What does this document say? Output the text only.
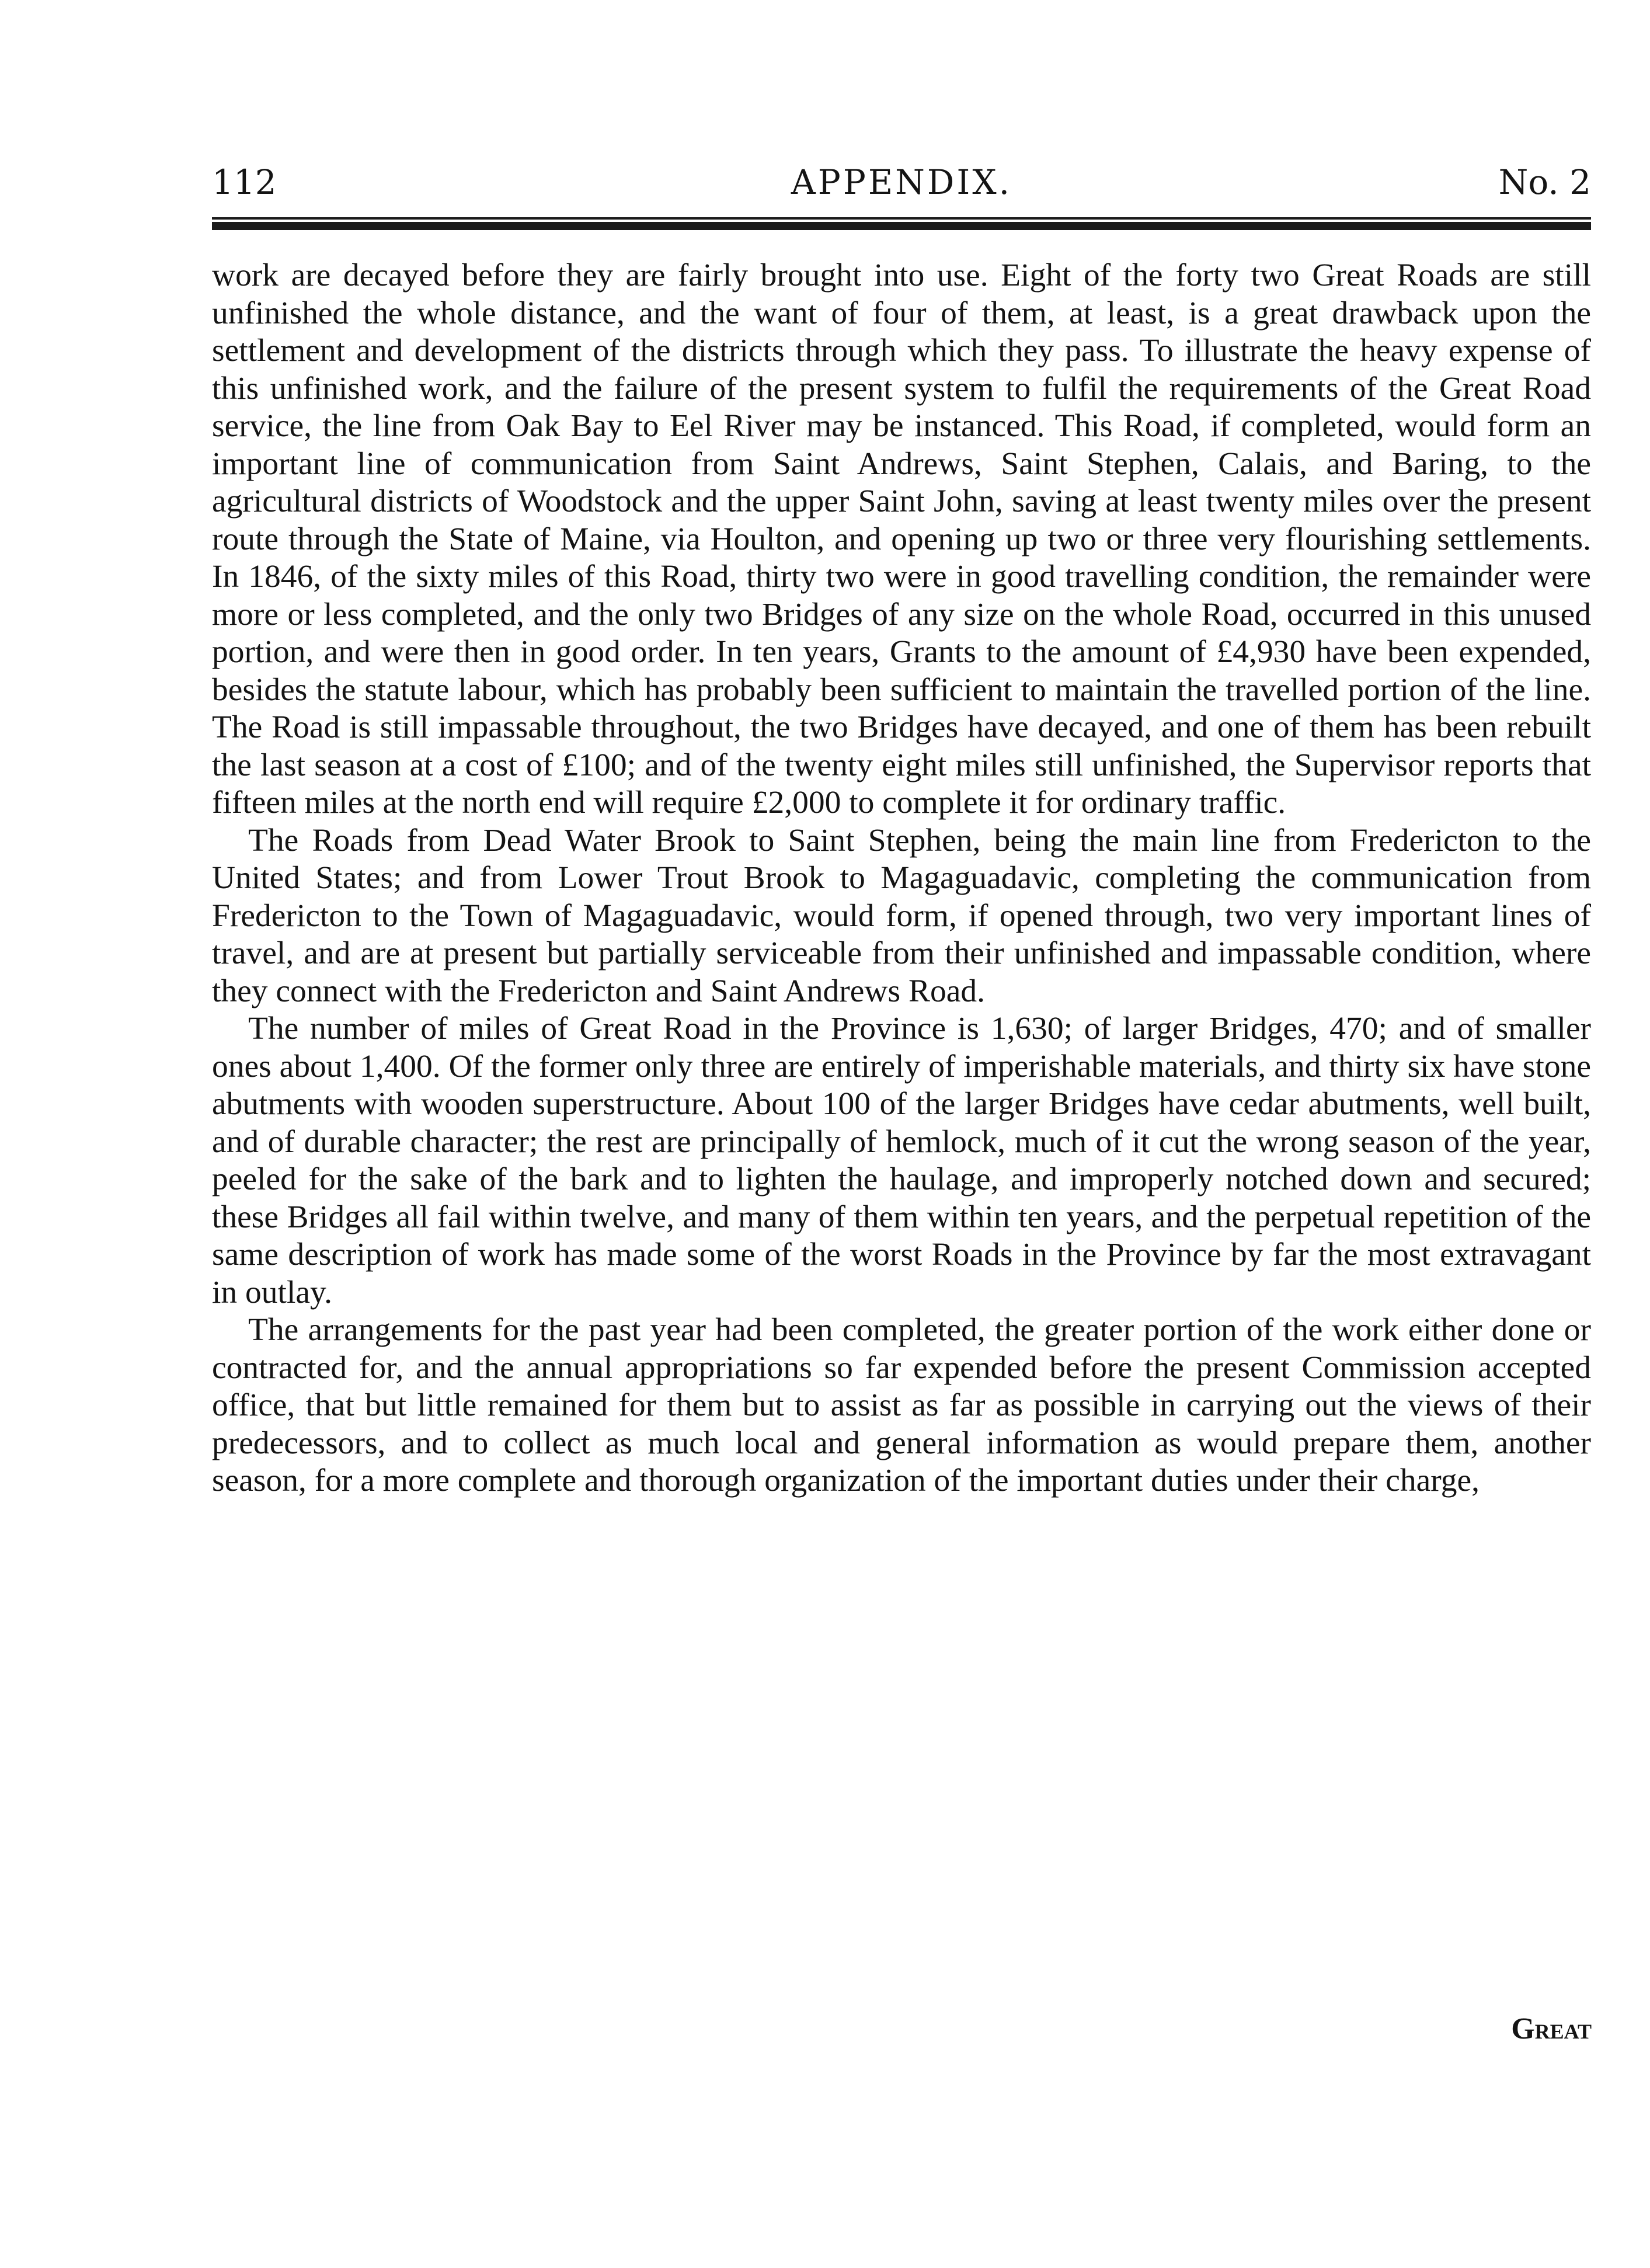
APPENDIX.
112	No. 2

work are decayed before they are fairly brought into use. Eight of the forty two Great Roads are still unfinished the whole distance, and the want of four of them, at least, is a great drawback upon the settlement and development of the districts through which they pass. To illustrate the heavy expense of this unfinished work, and the failure of the present system to fulfil the requirements of the Great Road service, the line from Oak Bay to Eel River may be instanced. This Road, if completed, would form an important line of communication from Saint Andrews, Saint Stephen, Calais, and Baring, to the agricultural districts of Woodstock and the upper Saint John, saving at least twenty miles over the present route through the State of Maine, via Houlton, and opening up two or three very flourishing settlements. In 1846, of the sixty miles of this Road, thirty two were in good travelling condition, the remainder were more or less completed, and the only two Bridges of any size on the whole Road, occurred in this unused portion, and were then in good order. In ten years, Grants to the amount of £4,930 have been expended, besides the statute labour, which has probably been sufficient to maintain the travelled portion of the line. The Road is still impassable throughout, the two Bridges have decayed, and one of them has been rebuilt the last season at a cost of £100; and of the twenty eight miles still unfinished, the Supervisor reports that fifteen miles at the north end will require £2,000 to complete it for ordinary traffic.

The Roads from Dead Water Brook to Saint Stephen, being the main line from Fredericton to the United States; and from Lower Trout Brook to Magaguadavic, completing the communication from Fredericton to the Town of Magaguadavic, would form, if opened through, two very important lines of travel, and are at present but partially serviceable from their unfinished and impassable condition, where they connect with the Fredericton and Saint Andrews Road.

The number of miles of Great Road in the Province is 1,630; of larger Bridges, 470; and of smaller ones about 1,400. Of the former only three are entirely of imperishable materials, and thirty six have stone abutments with wooden superstructure. About 100 of the larger Bridges have cedar abutments, well built, and of durable character; the rest are principally of hemlock, much of it cut the wrong season of the year, peeled for the sake of the bark and to lighten the haulage, and improperly notched down and secured; these Bridges all fail within twelve, and many of them within ten years, and the perpetual repetition of the same description of work has made some of the worst Roads in the Province by far the most extravagant in outlay.

The arrangements for the past year had been completed, the greater portion of the work either done or contracted for, and the annual appropriations so far expended before the present Commission accepted office, that but little remained for them but to assist as far as possible in carrying out the views of their predecessors, and to collect as much local and general information as would prepare them, another season, for a more complete and thorough organization of the important duties under their charge,

Great
